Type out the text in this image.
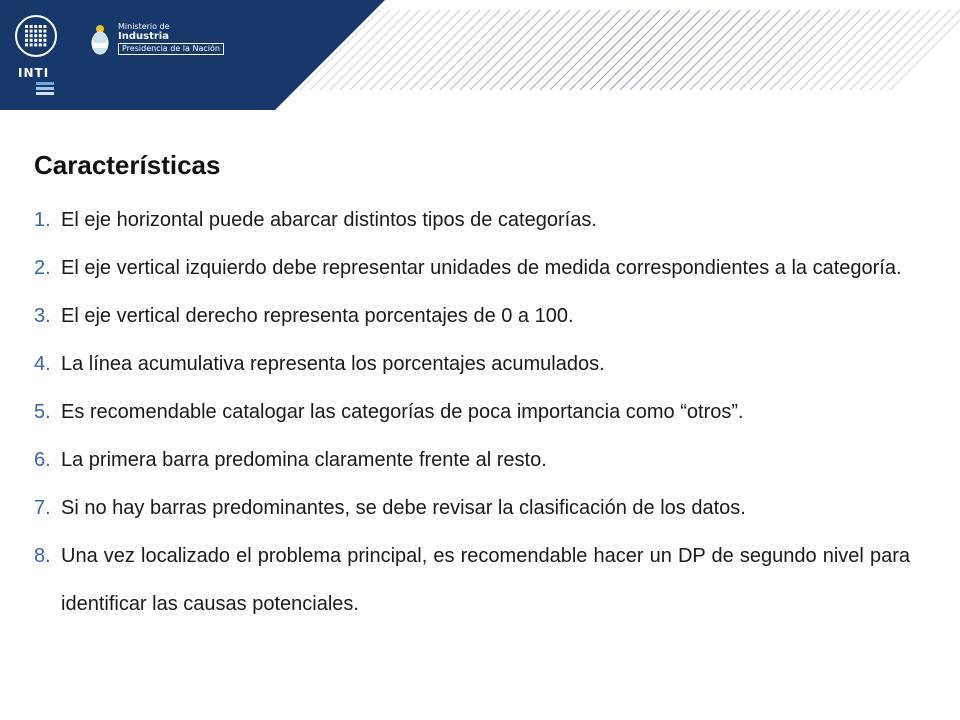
INTI
Ministerio de
Industria
Presidencia de la Nación
Características
1. El eje horizontal puede abarcar distintos tipos de categorías.
2. El eje vertical izquierdo debe representar unidades de medida correspondientes a la categoría.
3. El eje vertical derecho representa porcentajes de 0 a 100.
4. La línea acumulativa representa los porcentajes acumulados.
5. Es recomendable catalogar las categorías de poca importancia como “otros”.
6. La primera barra predomina claramente frente al resto.
7. Si no hay barras predominantes, se debe revisar la clasificación de los datos.
8. Una vez localizado el problema principal, es recomendable hacer un DP de segundo nivel para identificar las causas potenciales.
